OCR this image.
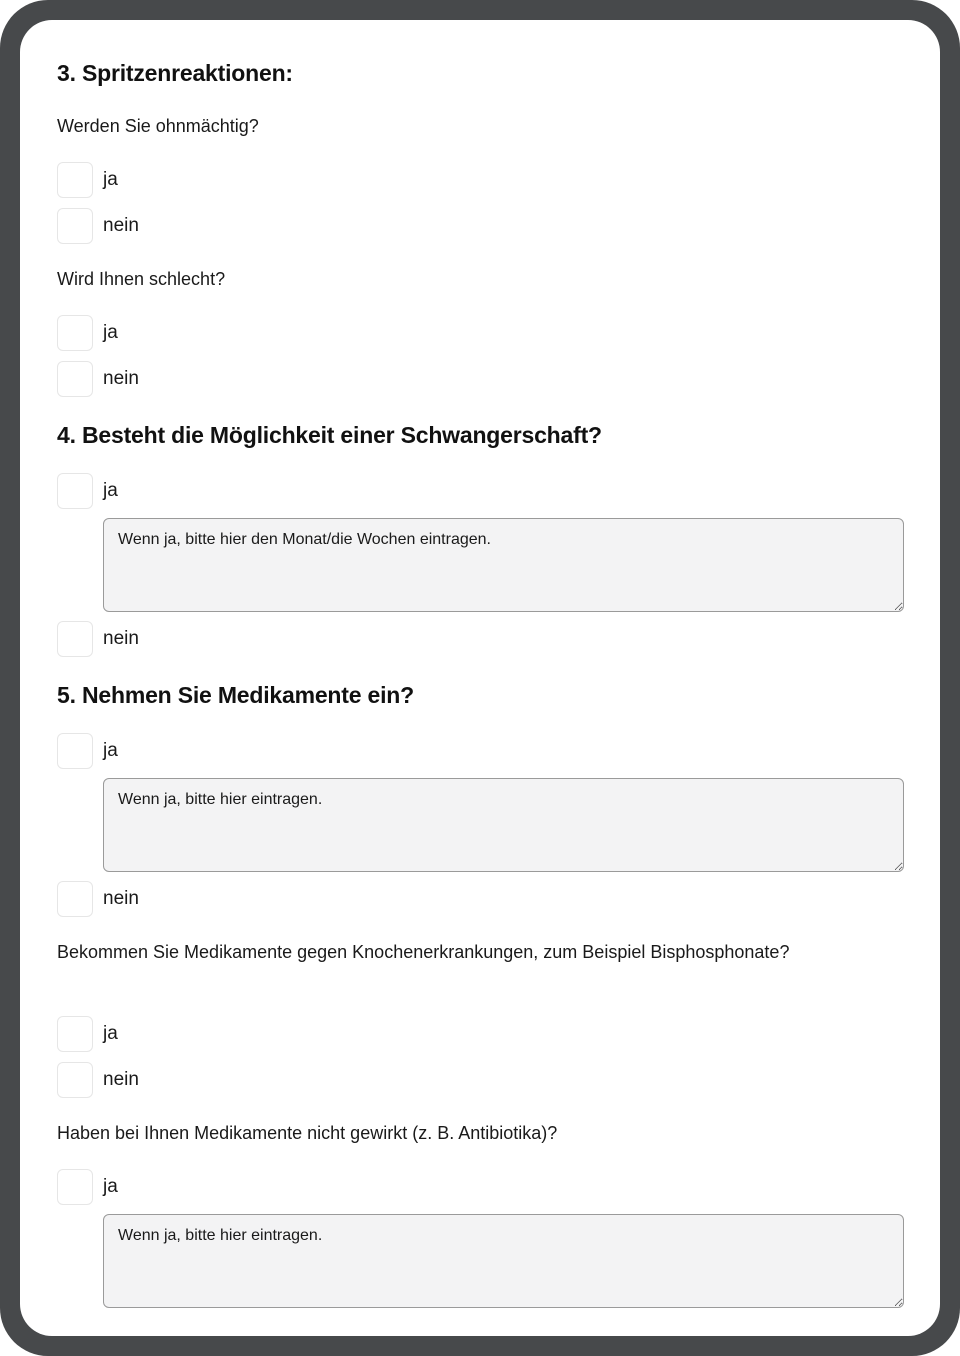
3. Spritzenreaktionen:
Werden Sie ohnmächtig?
ja
nein
Wird Ihnen schlecht?
ja
nein
4. Besteht die Möglichkeit einer Schwangerschaft?
ja
Wenn ja, bitte hier den Monat/die Wochen eintragen.
nein
5. Nehmen Sie Medikamente ein?
ja
Wenn ja, bitte hier eintragen.
nein
Bekommen Sie Medikamente gegen Knochenerkrankungen, zum Beispiel Bisphosphonate?
ja
nein
Haben bei Ihnen Medikamente nicht gewirkt (z. B. Antibiotika)?
ja
Wenn ja, bitte hier eintragen.
